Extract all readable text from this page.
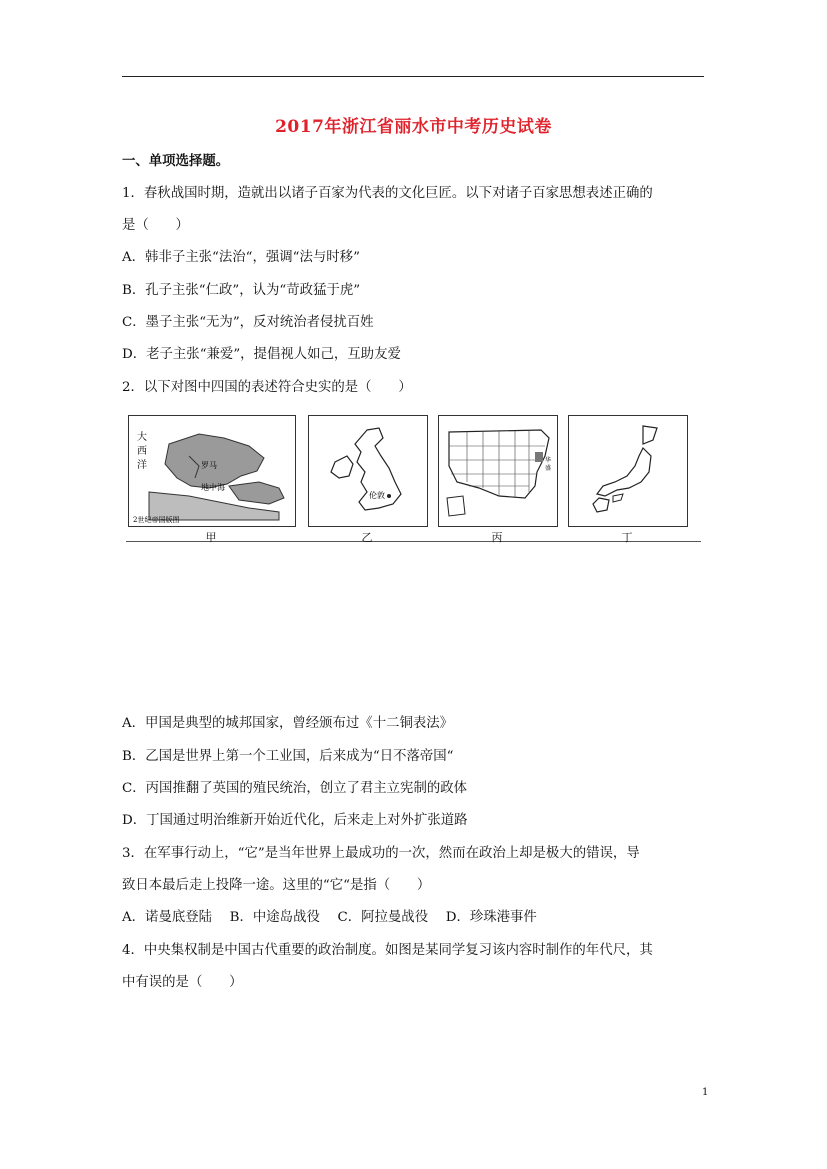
2017年浙江省丽水市中考历史试卷
一、单项选择题。
1．春秋战国时期，造就出以诸子百家为代表的文化巨匠。以下对诸子百家思想表述正确的
是（　　）
A．韩非子主张“法治“，强调“法与时移”
B．孔子主张“仁政”，认为“苛政猛于虎”
C．墨子主张“无为”，反对统治者侵扰百姓
D．老子主张“兼爱”，提倡视人如己，互助友爱
2．以下对图中四国的表述符合史实的是（　　）
大
西
洋	罗马
地中海
2世纪帝国版图
伦敦
华
盛
甲	乙	丙	丁
A．甲国是典型的城邦国家，曾经颁布过《十二铜表法》
B．乙国是世界上第一个工业国，后来成为“日不落帝国“
C．丙国推翻了英国的殖民统治，创立了君主立宪制的政体
D．丁国通过明治维新开始近代化，后来走上对外扩张道路
3．在军事行动上，“它”是当年世界上最成功的一次，然而在政治上却是极大的错误，导
致日本最后走上投降一途。这里的“它“是指（　　）
A．诺曼底登陆　 B．中途岛战役　 C．阿拉曼战役　 D．珍珠港事件
4．中央集权制是中国古代重要的政治制度。如图是某同学复习该内容时制作的年代尺，其
中有误的是（　　）
1
